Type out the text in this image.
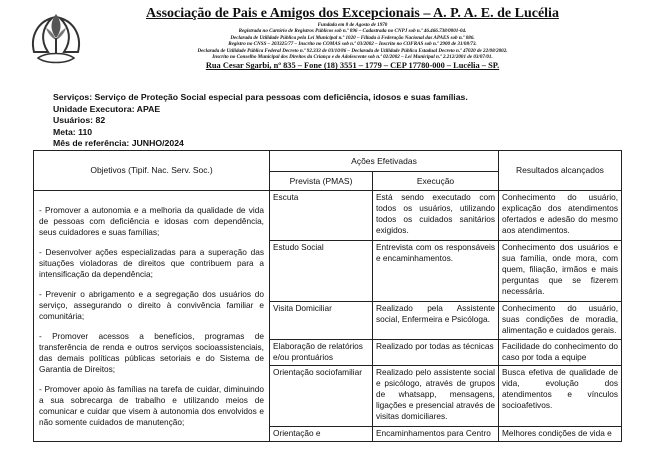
Associação de Pais e Amigos dos Excepcionais – A. P. A. E. de Lucélia
Fundada em 8 de Agosto de 1970
Registrada no Cartório de Registros Públicos sob n.º 096 – Cadastrada no CNPJ sob n.º 46.466.738/0001-04.
Declarada de Utilidade Pública pela Lei Municipal n.º 1020 – Filiada à Federação Nacional das APAES sob n.º 086.
Registro no CNSS – 203325/77 – Inscrito no COMAS sob n.º 03/2002 – Inscrito no COFRAS sob n.º 2900 de 31/08/73.
Declarada de Utilidade Pública Federal Decreto n.º 92.333 de 03/10/86 – Declarada de Utilidade Pública Estadual Decreto n.º 47020 de 22/08/2002.
Inscrito no Conselho Municipal dos Direitos da Criança e do Adolescente sob n.º 02/2002 – Lei Municipal n.º 2.212/2001 de 03/07/01.
Rua Cesar Sgarbi, nº 835 – Fone (18) 3551 – 1779 – CEP 17780-000 – Lucélia – SP.
Serviços: Serviço de Proteção Social especial para pessoas com deficiência, idosos e suas famílias.
Unidade Executora: APAE
Usuários: 82
Meta: 110
Mês de referência: JUNHO/2024
Objetivos (Tipif. Nac. Serv. Soc.)	Ações Efetivadas		Resultados alcançados
	Prevista (PMAS)	Execução	

- Promover a autonomia e a melhoria da qualidade de vida de pessoas com deficiência e idosas com dependência, seus cuidadores e suas famílias;

- Desenvolver ações especializadas para a superação das situações violadoras de direitos que contribuem para a intensificação da dependência;

- Prevenir o abrigamento e a segregação dos usuários do serviço, assegurando o direito à convivência familiar e comunitária;

- Promover acessos a benefícios, programas de transferência de renda e outros serviços socioassistenciais, das demais políticas públicas setoriais e do Sistema de Garantia de Direitos;

- Promover apoio às famílias na tarefa de cuidar, diminuindo a sua sobrecarga de trabalho e utilizando meios de comunicar e cuidar que visem à autonomia dos envolvidos e não somente cuidados de manutenção;	Escuta	Está sendo executado com todos os usuários, utilizando todos os cuidados sanitários exigidos.	Conhecimento do usuário, explicação dos atendimentos ofertados e adesão do mesmo aos atendimentos.
	Estudo Social	Entrevista com os responsáveis e encaminhamentos.	Conhecimento dos usuários e sua família, onde mora, com quem, filiação, irmãos e mais perguntas que se fizerem necessária.
	Visita Domiciliar	Realizado pela Assistente social, Enfermeira e Psicóloga.	Conhecimento do usuário, suas condições de moradia, alimentação e cuidados gerais.
	Elaboração de relatórios e/ou prontuários	Realizado por todas as técnicas	Facilidade do conhecimento do caso por toda a equipe
	Orientação sociofamiliar	Realizado pelo assistente social e psicólogo, através de grupos de whatsapp, mensagens, ligações e presencial através de visitas domiciliares.	Busca efetiva de qualidade de vida, evolução dos atendimentos e vínculos socioafetivos.
	Orientação e	Encaminhamentos para Centro	Melhores condições de vida e
